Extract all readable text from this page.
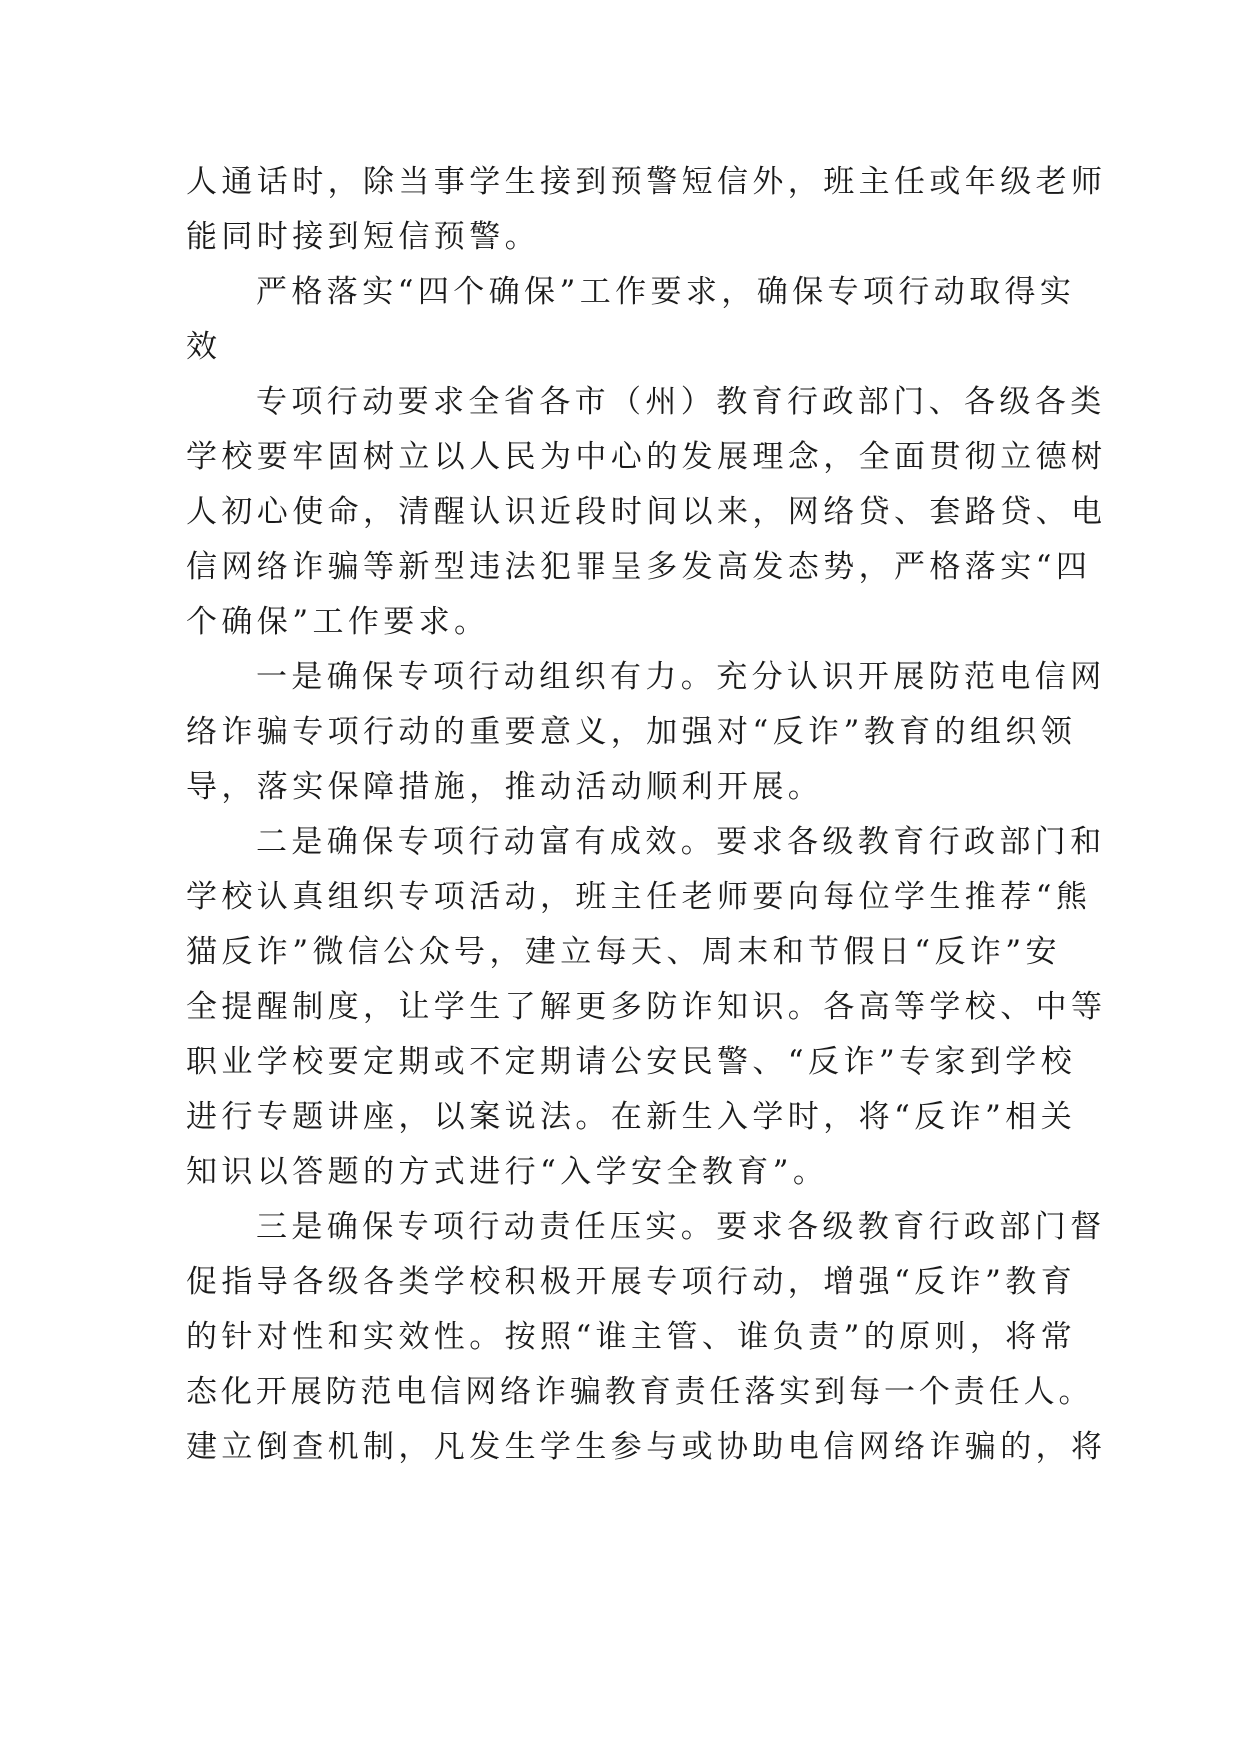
人通话时，除当事学生接到预警短信外，班主任或年级老师
能同时接到短信预警。
严格落实“四个确保”工作要求，确保专项行动取得实
效
专项行动要求全省各市（州）教育行政部门、各级各类
学校要牢固树立以人民为中心的发展理念，全面贯彻立德树
人初心使命，清醒认识近段时间以来，网络贷、套路贷、电
信网络诈骗等新型违法犯罪呈多发高发态势，严格落实“四
个确保”工作要求。
一是确保专项行动组织有力。充分认识开展防范电信网
络诈骗专项行动的重要意义，加强对“反诈”教育的组织领
导，落实保障措施，推动活动顺利开展。
二是确保专项行动富有成效。要求各级教育行政部门和
学校认真组织专项活动，班主任老师要向每位学生推荐“熊
猫反诈”微信公众号，建立每天、周末和节假日“反诈”安
全提醒制度，让学生了解更多防诈知识。各高等学校、中等
职业学校要定期或不定期请公安民警、“反诈”专家到学校
进行专题讲座，以案说法。在新生入学时，将“反诈”相关
知识以答题的方式进行“入学安全教育”。
三是确保专项行动责任压实。要求各级教育行政部门督
促指导各级各类学校积极开展专项行动，增强“反诈”教育
的针对性和实效性。按照“谁主管、谁负责”的原则，将常
态化开展防范电信网络诈骗教育责任落实到每一个责任人。
建立倒查机制，凡发生学生参与或协助电信网络诈骗的，将
